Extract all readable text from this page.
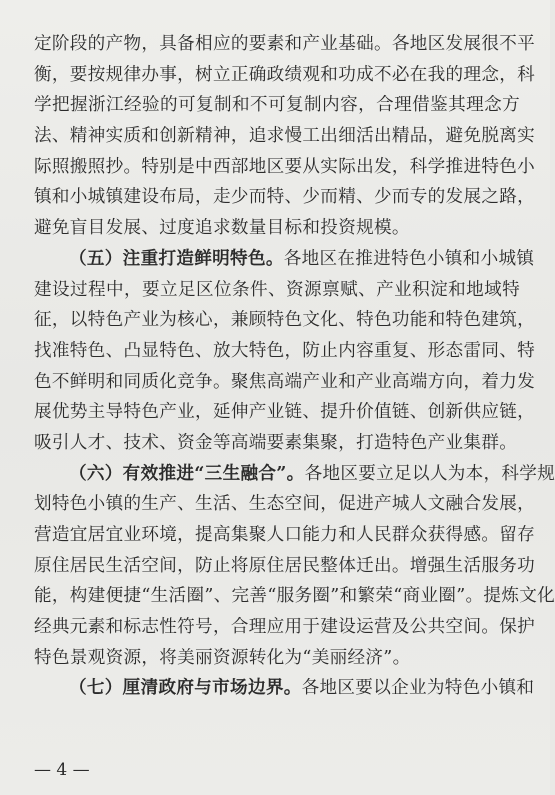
定阶段的产物，具备相应的要素和产业基础。各地区发展很不平
衡，要按规律办事，树立正确政绩观和功成不必在我的理念，科
学把握浙江经验的可复制和不可复制内容，合理借鉴其理念方
法、精神实质和创新精神，追求慢工出细活出精品，避免脱离实
际照搬照抄。特别是中西部地区要从实际出发，科学推进特色小
镇和小城镇建设布局，走少而特、少而精、少而专的发展之路，
避免盲目发展、过度追求数量目标和投资规模。
（五）注重打造鲜明特色。各地区在推进特色小镇和小城镇
建设过程中，要立足区位条件、资源禀赋、产业积淀和地域特
征，以特色产业为核心，兼顾特色文化、特色功能和特色建筑，
找准特色、凸显特色、放大特色，防止内容重复、形态雷同、特
色不鲜明和同质化竞争。聚焦高端产业和产业高端方向，着力发
展优势主导特色产业，延伸产业链、提升价值链、创新供应链，
吸引人才、技术、资金等高端要素集聚，打造特色产业集群。
（六）有效推进“三生融合”。各地区要立足以人为本，科学规
划特色小镇的生产、生活、生态空间，促进产城人文融合发展，
营造宜居宜业环境，提高集聚人口能力和人民群众获得感。留存
原住居民生活空间，防止将原住居民整体迁出。增强生活服务功
能，构建便捷“生活圈”、完善“服务圈”和繁荣“商业圈”。提炼文化
经典元素和标志性符号，合理应用于建设运营及公共空间。保护
特色景观资源，将美丽资源转化为“美丽经济”。
（七）厘清政府与市场边界。各地区要以企业为特色小镇和
— 4 —
